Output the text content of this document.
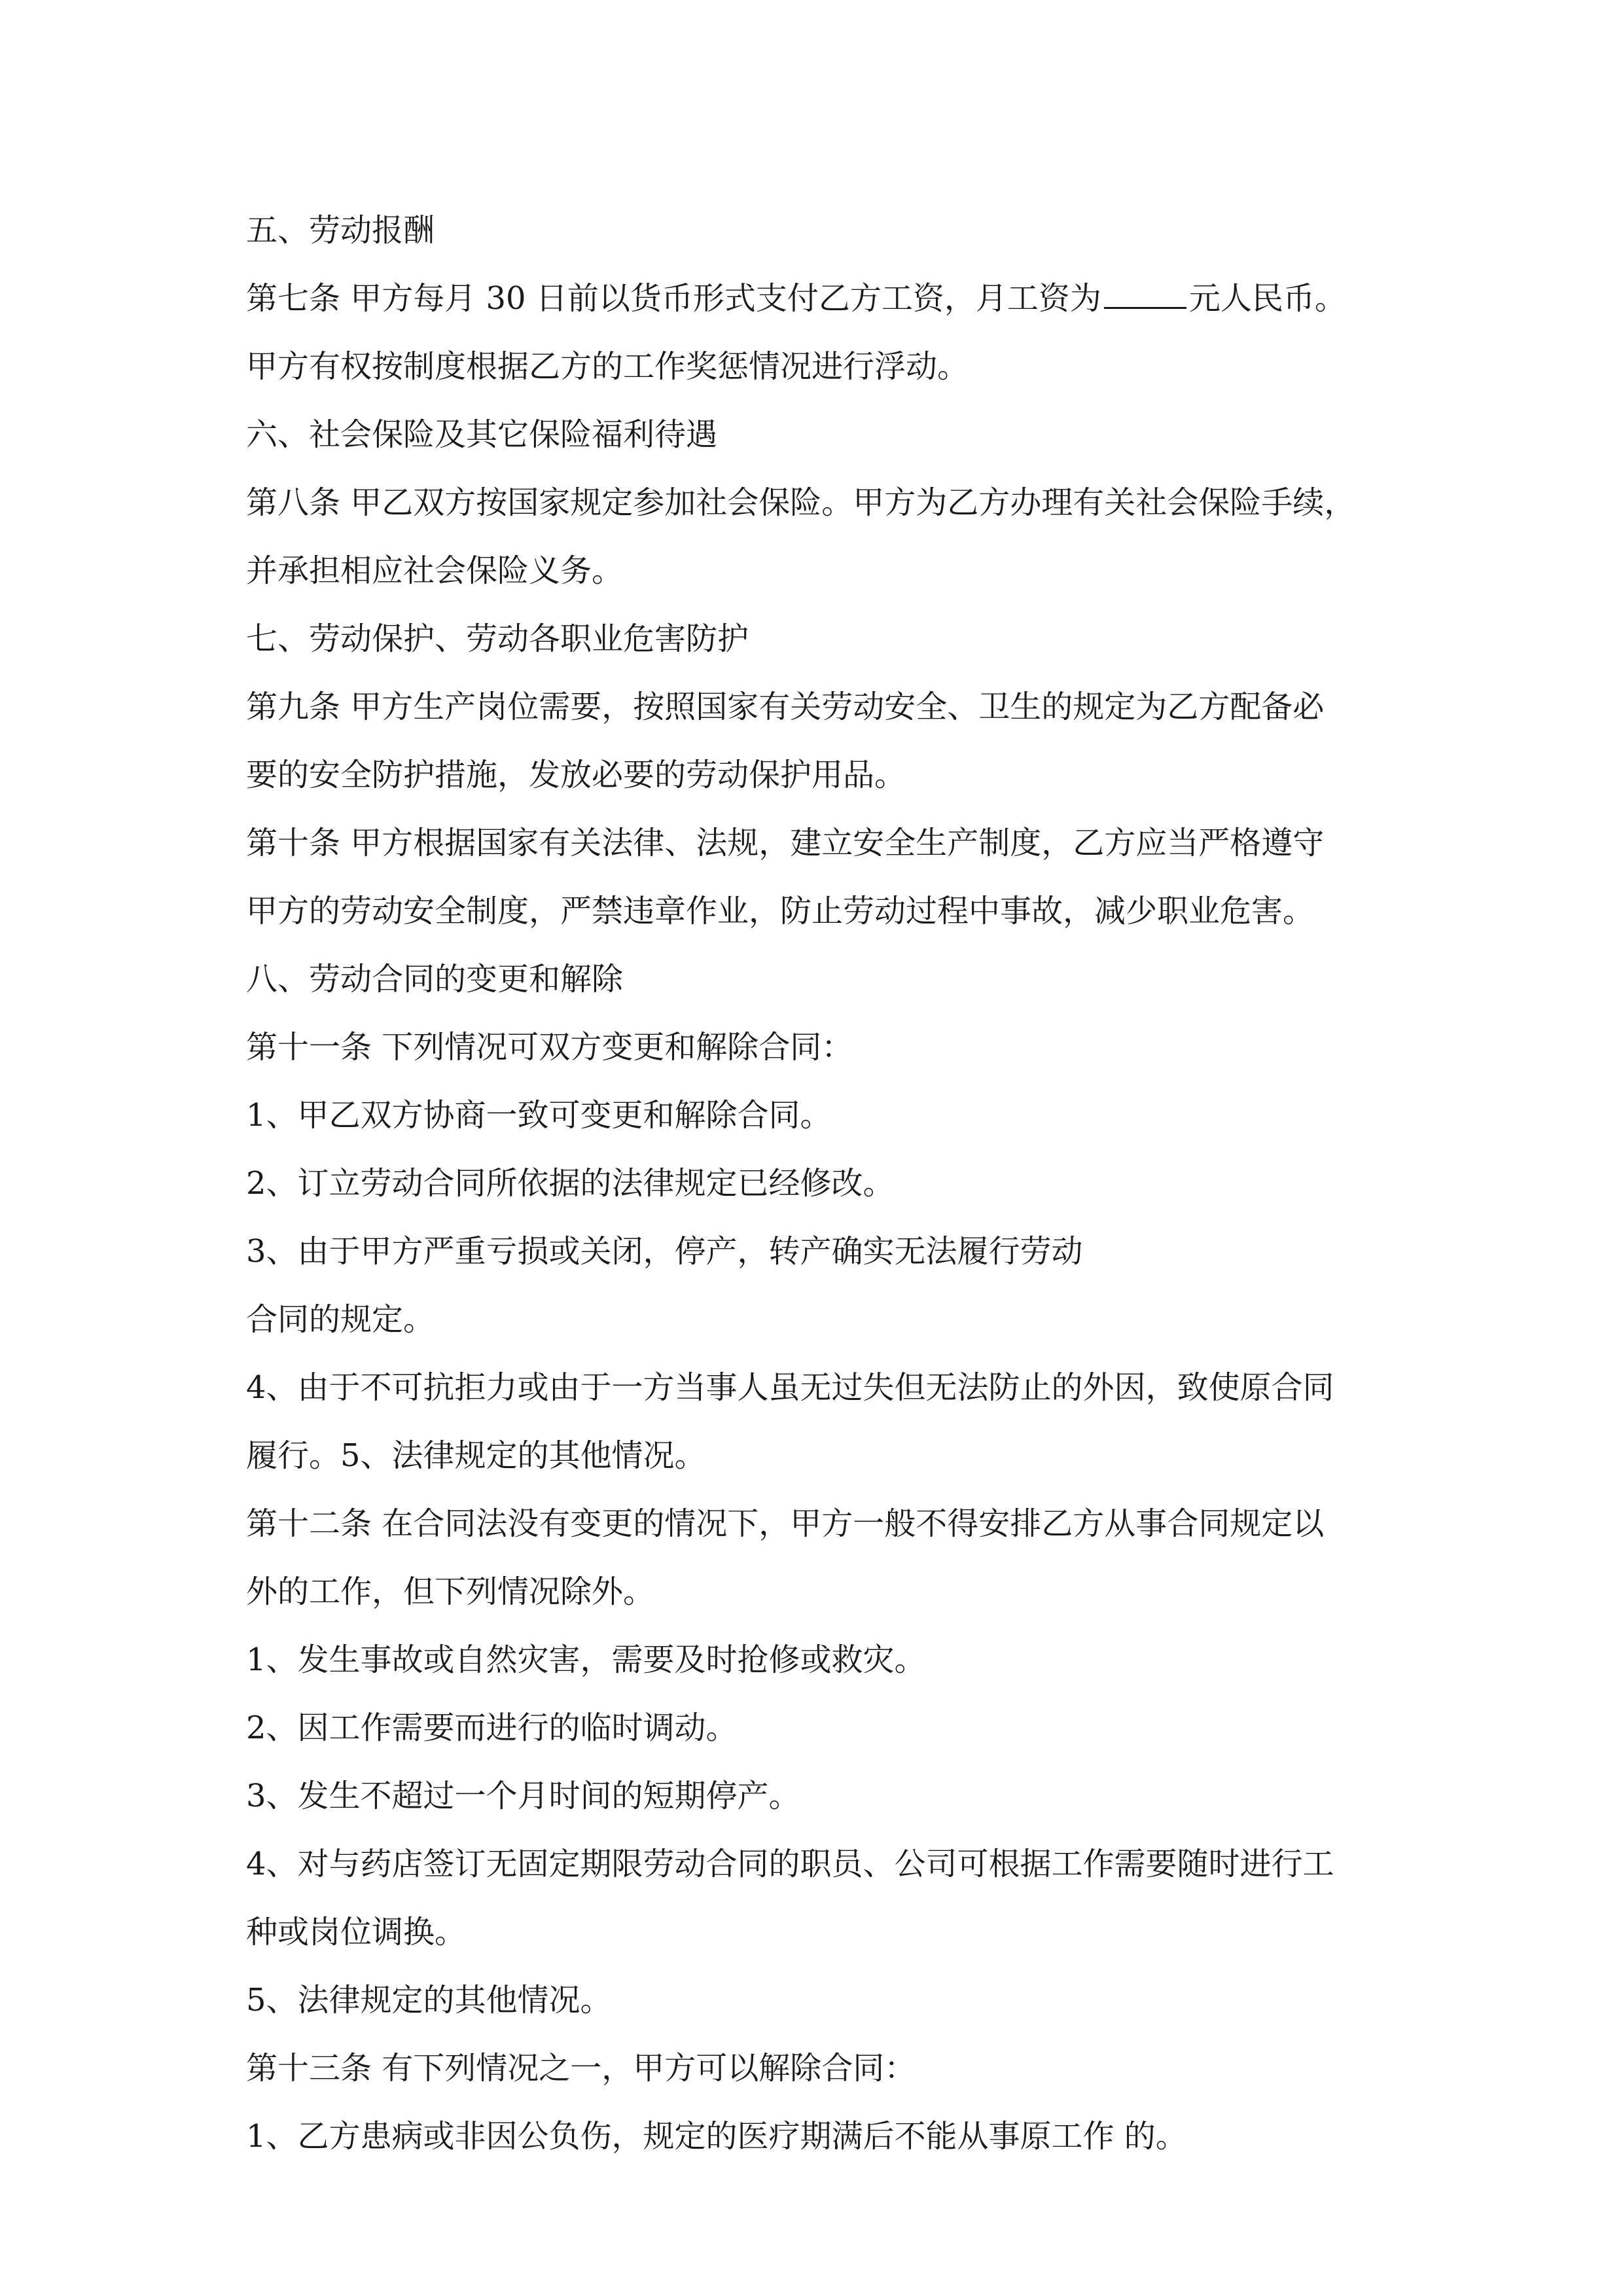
五、劳动报酬
第七条 甲方每月 30 日前以货币形式支付乙方工资，月工资为	元人民币。
甲方有权按制度根据乙方的工作奖惩情况进行浮动。
六、社会保险及其它保险福利待遇
第八条 甲乙双方按国家规定参加社会保险。甲方为乙方办理有关社会保险手续，
并承担相应社会保险义务。
七、劳动保护、劳动各职业危害防护
第九条 甲方生产岗位需要，按照国家有关劳动安全、卫生的规定为乙方配备必
要的安全防护措施，发放必要的劳动保护用品。
第十条 甲方根据国家有关法律、法规，建立安全生产制度，乙方应当严格遵守
甲方的劳动安全制度，严禁违章作业，防止劳动过程中事故，减少职业危害。
八、劳动合同的变更和解除
第十一条 下列情况可双方变更和解除合同：
1、甲乙双方协商一致可变更和解除合同。
2、订立劳动合同所依据的法律规定已经修改。
3、由于甲方严重亏损或关闭，停产，转产确实无法履行劳动
合同的规定。
4、由于不可抗拒力或由于一方当事人虽无过失但无法防止的外因，致使原合同
履行。5、法律规定的其他情况。
第十二条 在合同法没有变更的情况下，甲方一般不得安排乙方从事合同规定以
外的工作，但下列情况除外。
1、发生事故或自然灾害，需要及时抢修或救灾。
2、因工作需要而进行的临时调动。
3、发生不超过一个月时间的短期停产。
4、对与药店签订无固定期限劳动合同的职员、公司可根据工作需要随时进行工
种或岗位调换。
5、法律规定的其他情况。
第十三条 有下列情况之一，甲方可以解除合同：
1、乙方患病或非因公负伤，规定的医疗期满后不能从事原工作 的。
